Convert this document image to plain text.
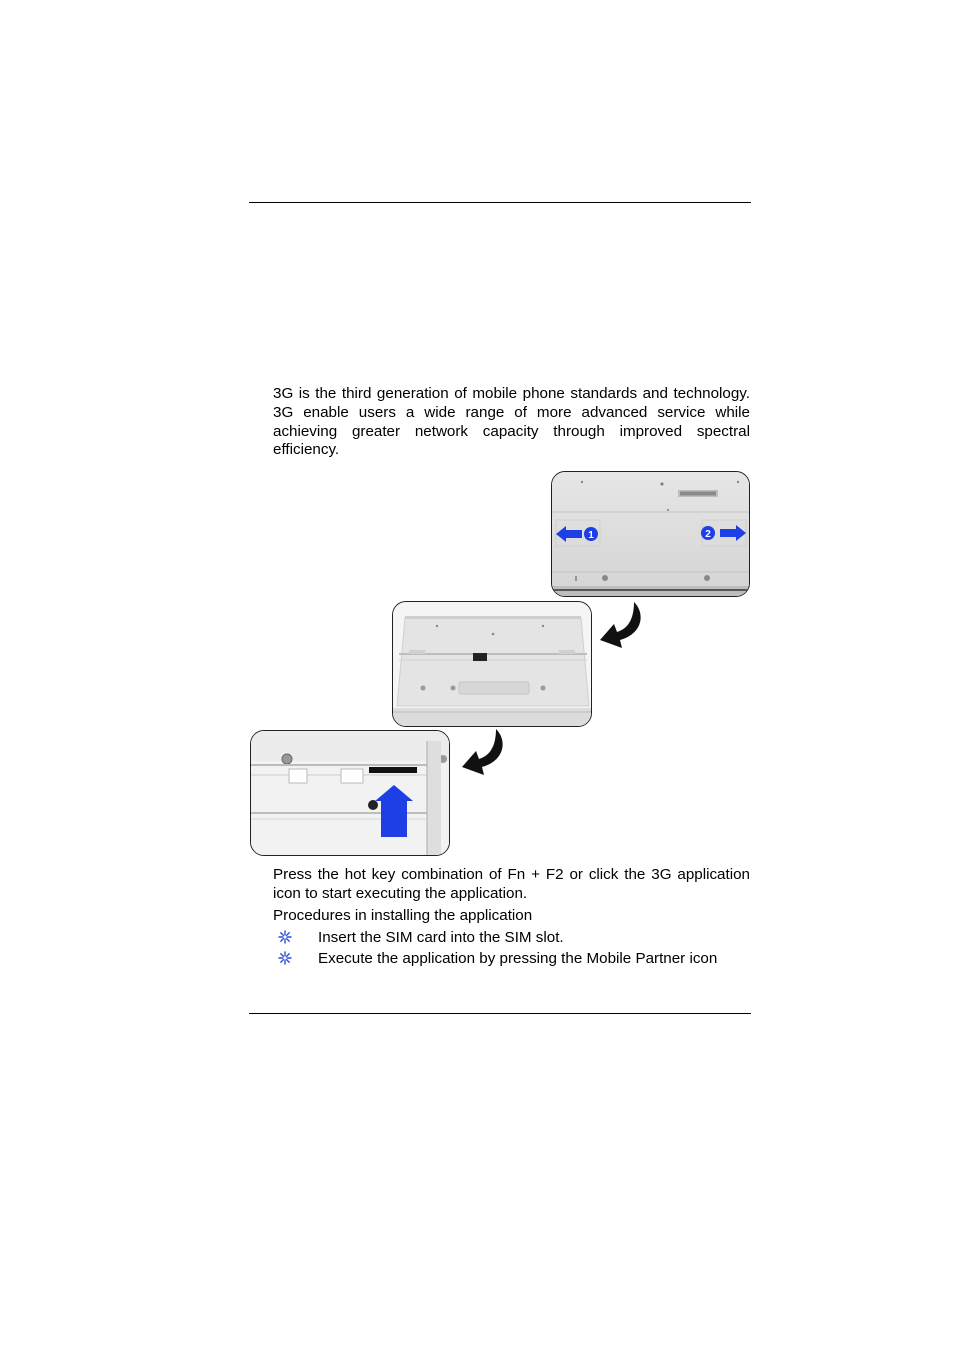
3G is the third generation of mobile phone standards and technology. 3G enable users a wide range of more advanced service while achieving greater network capacity through improved spectral efficiency.
1	2
Press the hot key combination of Fn + F2 or click the 3G application icon to start executing the application.
Procedures in installing the application
Insert the SIM card into the SIM slot.
Execute the application by pressing the Mobile Partner icon
